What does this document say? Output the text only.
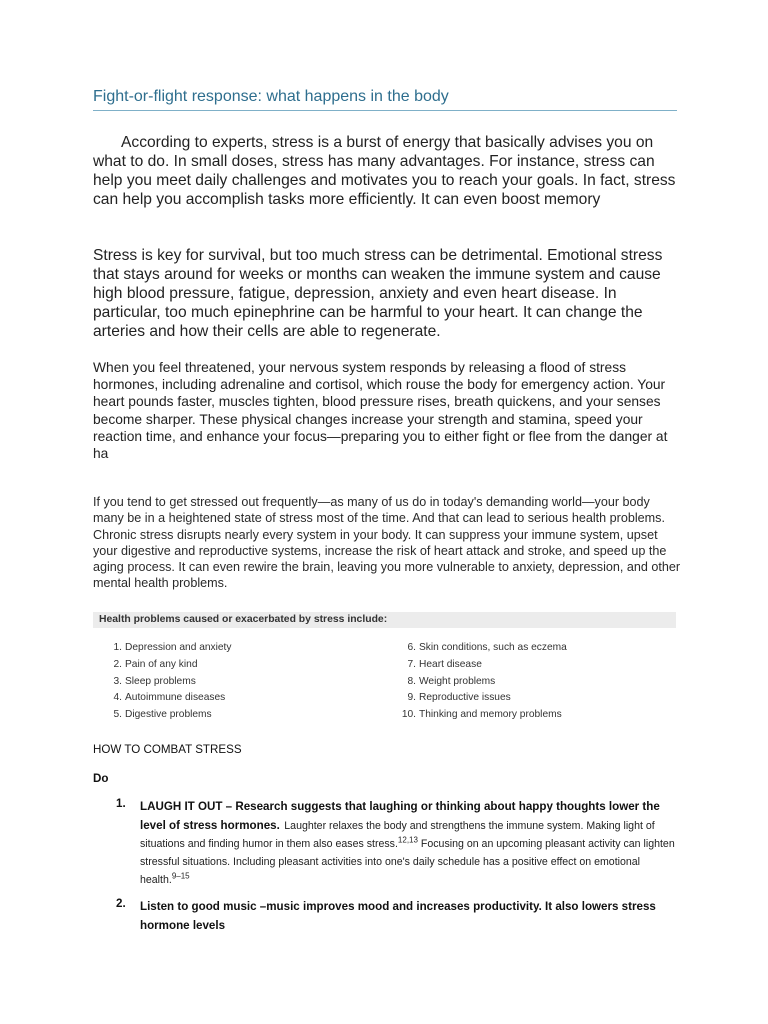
Fight-or-flight response: what happens in the body
According to experts, stress is a burst of energy that basically advises you on what to do. In small doses, stress has many advantages. For instance, stress can help you meet daily challenges and motivates you to reach your goals. In fact, stress can help you accomplish tasks more efficiently. It can even boost memory
Stress is key for survival, but too much stress can be detrimental. Emotional stress that stays around for weeks or months can weaken the immune system and cause high blood pressure, fatigue, depression, anxiety and even heart disease. In particular, too much epinephrine can be harmful to your heart. It can change the arteries and how their cells are able to regenerate.
When you feel threatened, your nervous system responds by releasing a flood of stress hormones, including adrenaline and cortisol, which rouse the body for emergency action. Your heart pounds faster, muscles tighten, blood pressure rises, breath quickens, and your senses become sharper. These physical changes increase your strength and stamina, speed your reaction time, and enhance your focus—preparing you to either fight or flee from the danger at ha
If you tend to get stressed out frequently—as many of us do in today's demanding world—your body many be in a heightened state of stress most of the time. And that can lead to serious health problems. Chronic stress disrupts nearly every system in your body. It can suppress your immune system, upset your digestive and reproductive systems, increase the risk of heart attack and stroke, and speed up the aging process. It can even rewire the brain, leaving you more vulnerable to anxiety, depression, and other mental health problems.
Health problems caused or exacerbated by stress include:
1. Depression and anxiety
2. Pain of any kind
3. Sleep problems
4. Autoimmune diseases
5. Digestive problems
6. Skin conditions, such as eczema
7. Heart disease
8. Weight problems
9. Reproductive issues
10. Thinking and memory problems
HOW TO COMBAT STRESS
Do
1. LAUGH IT OUT – Research suggests that laughing or thinking about happy thoughts lower the level of stress hormones. Laughter relaxes the body and strengthens the immune system. Making light of situations and finding humor in them also eases stress.$^{12,13}$ Focusing on an upcoming pleasant activity can lighten stressful situations. Including pleasant activities into one's daily schedule has a positive effect on emotional health.$^{9-15}$
2. Listen to good music –music improves mood and increases productivity. It also lowers stress hormone levels
